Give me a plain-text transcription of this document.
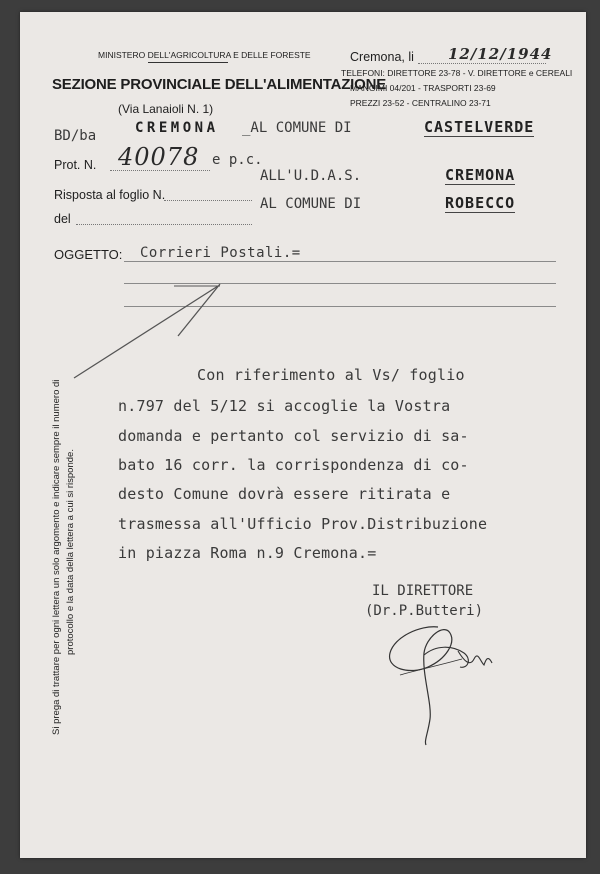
MINISTERO DELL'AGRICOLTURA E DELLE FORESTE
SEZIONE PROVINCIALE DELL'ALIMENTAZIONE
(Via Lanaioli N. 1)
Cremona, li	12/12/1944
TELEFONI: DIRETTORE 23-78 - V. DIRETTORE e CEREALI
MANGIMI 04/201 - TRASPORTI 23-69
PREZZI 23-52 - CENTRALINO 23-71
BD/ba	CREMONA
Prot. N. 40078 e p.c.
Risposta al foglio N.
del
_AL COMUNE DI	CASTELVERDE
ALL'U.D.A.S.	CREMONA
AL COMUNE DI	ROBECCO
OGGETTO: Corrieri Postali.=
Con riferimento al Vs/ foglio
n.797 del 5/12 si accoglie la Vostra
domanda e pertanto col servizio di sa-
bato 16 corr. la corrispondenza di co-
desto Comune dovrà essere ritirata e
trasmessa all'Ufficio Prov.Distribuzione
in piazza Roma n.9 Cremona.=
IL DIRETTORE
(Dr.P.Butteri)
Si prega di trattare per ogni lettera un solo argomento e indicare sempre il numero di protocollo e la data della lettera a cui si risponde.
